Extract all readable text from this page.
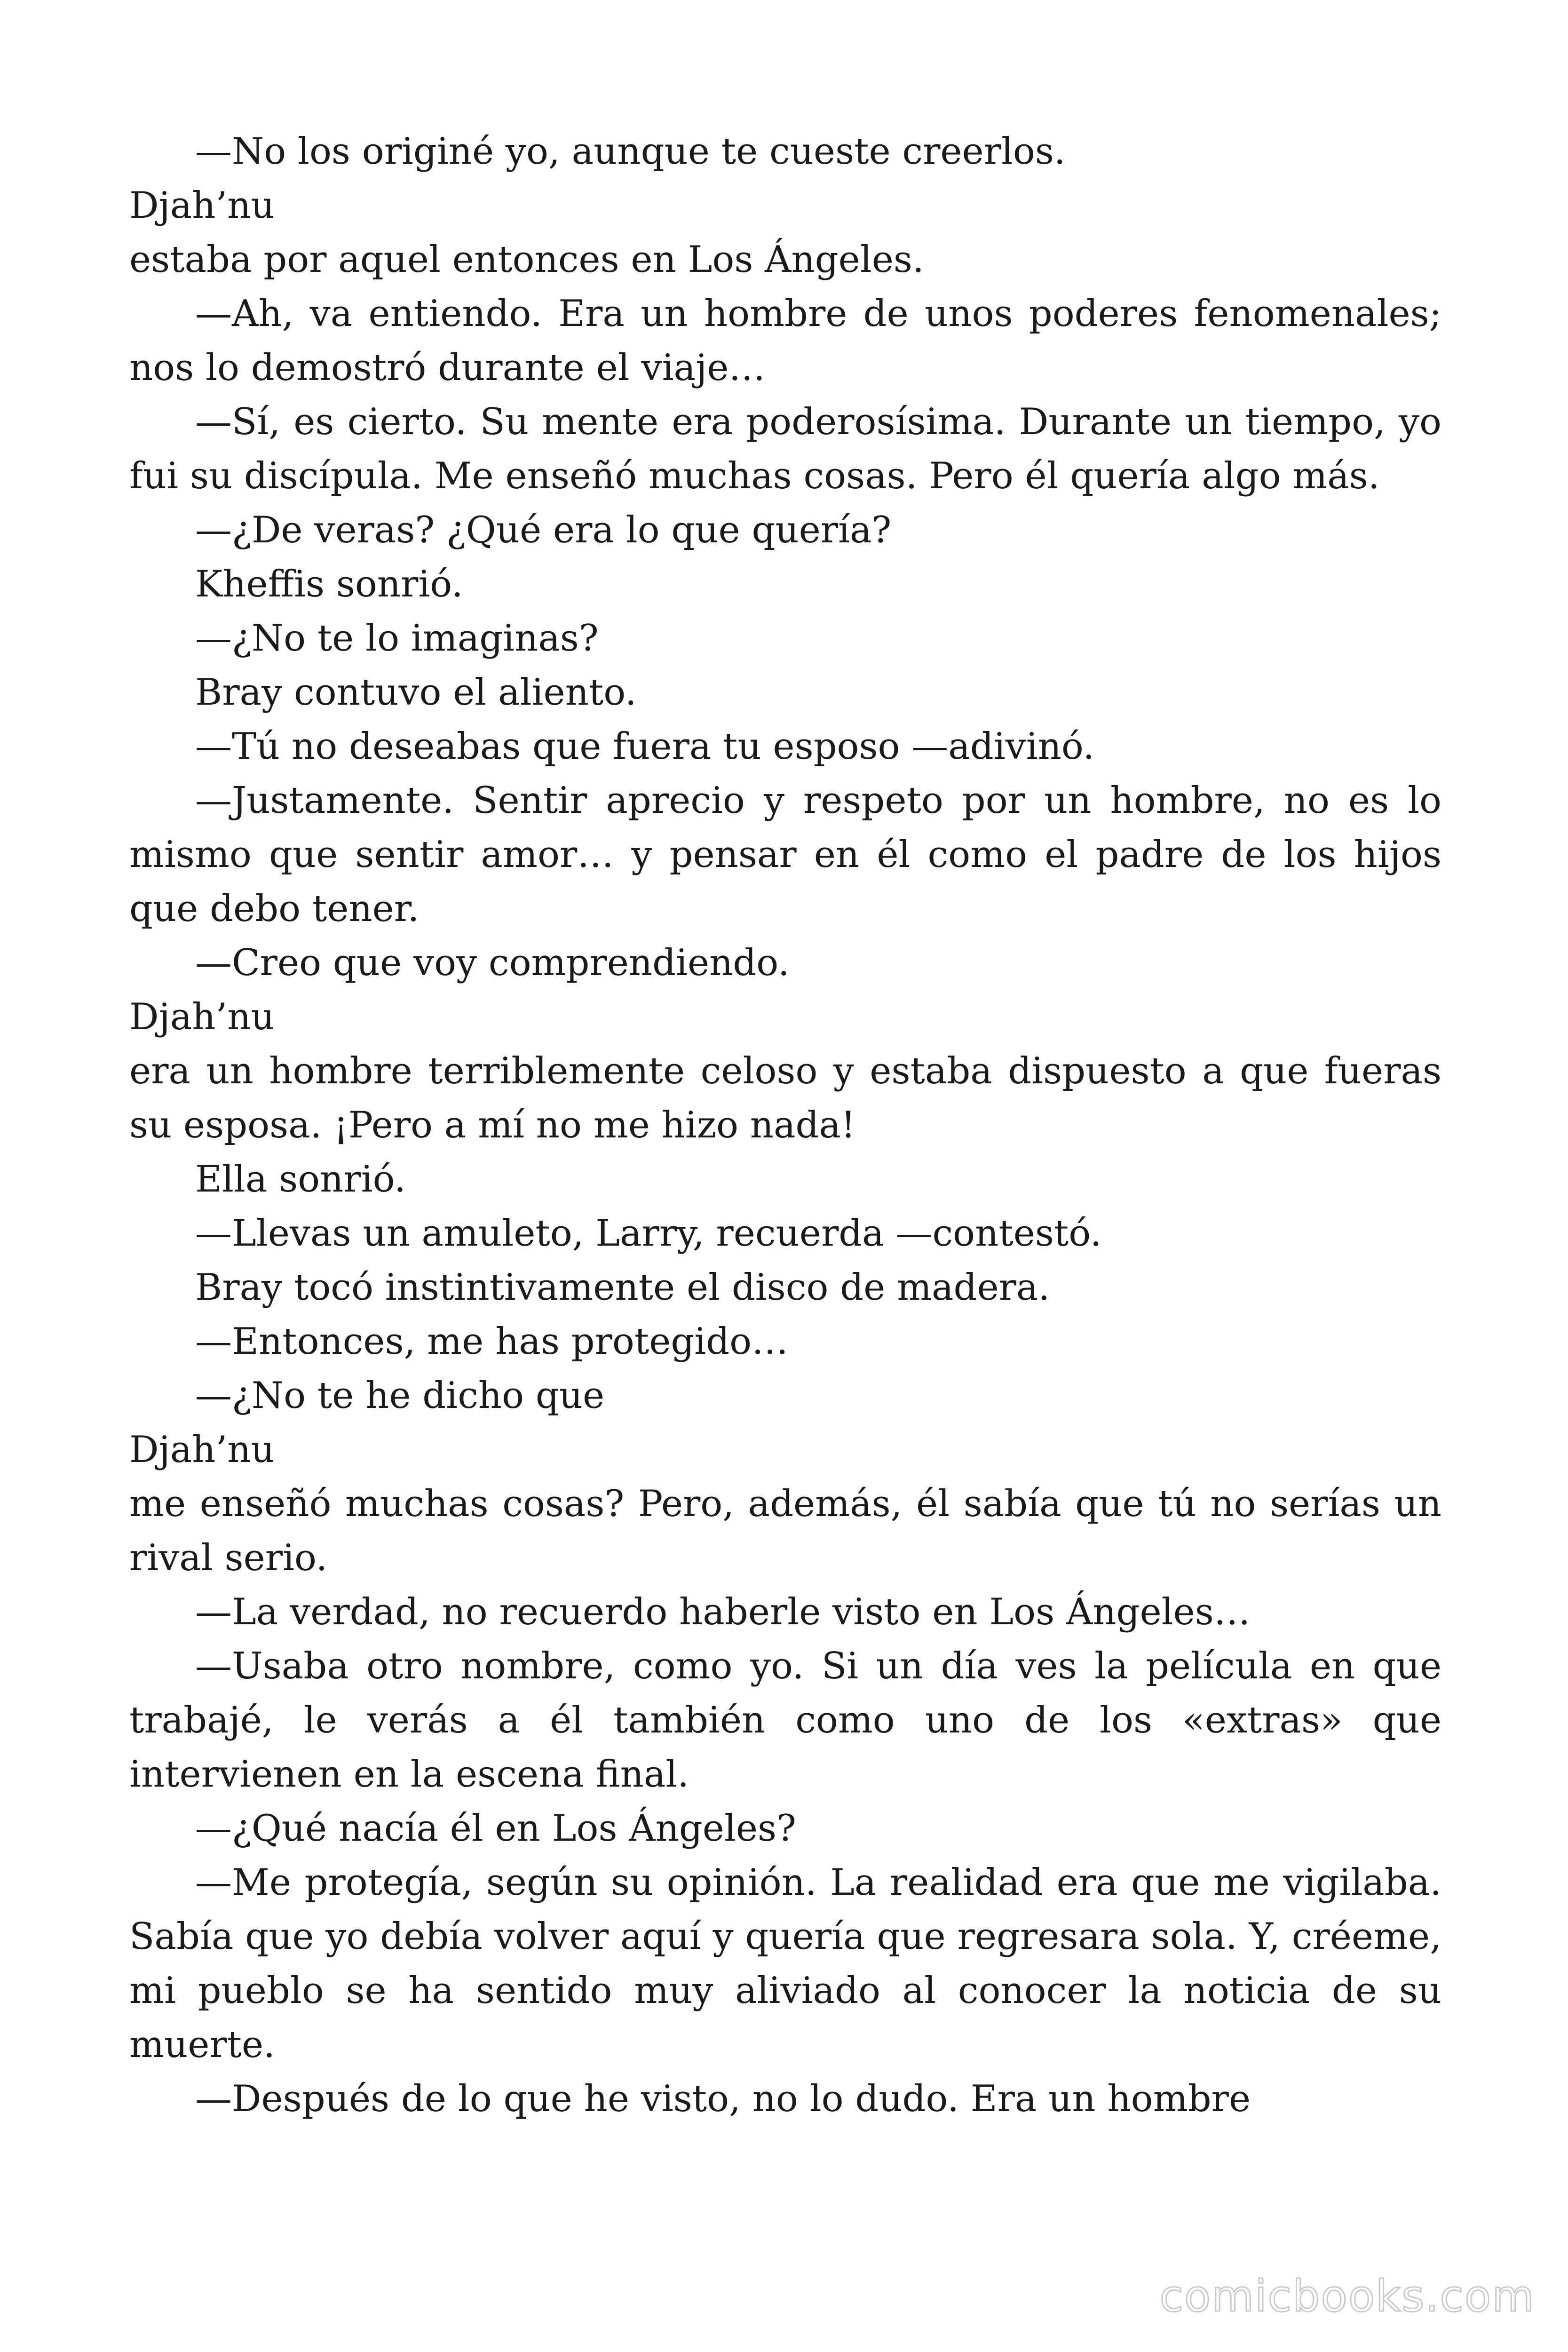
—No los originé yo, aunque te cueste creerlos.

Djah’nu

estaba por aquel entonces en Los Ángeles.

—Ah, va entiendo. Era un hombre de unos poderes fenomenales; nos lo demostró durante el viaje…

—Sí, es cierto. Su mente era poderosísima. Durante un tiempo, yo fui su discípula. Me enseñó muchas cosas. Pero él quería algo más.

—¿De veras? ¿Qué era lo que quería?

Kheffis sonrió.

—¿No te lo imaginas?

Bray contuvo el aliento.

—Tú no deseabas que fuera tu esposo —adivinó.

—Justamente. Sentir aprecio y respeto por un hombre, no es lo mismo que sentir amor… y pensar en él como el padre de los hijos que debo tener.

—Creo que voy comprendiendo.

Djah’nu

era un hombre terriblemente celoso y estaba dispuesto a que fueras su esposa. ¡Pero a mí no me hizo nada!

Ella sonrió.

—Llevas un amuleto, Larry, recuerda —contestó.

Bray tocó instintivamente el disco de madera.

—Entonces, me has protegido…

—¿No te he dicho que

Djah’nu

me enseñó muchas cosas? Pero, además, él sabía que tú no serías un rival serio.

—La verdad, no recuerdo haberle visto en Los Ángeles…

—Usaba otro nombre, como yo. Si un día ves la película en que trabajé, le verás a él también como uno de los «extras» que intervienen en la escena final.

—¿Qué nacía él en Los Ángeles?

—Me protegía, según su opinión. La realidad era que me vigilaba. Sabía que yo debía volver aquí y quería que regresara sola. Y, créeme, mi pueblo se ha sentido muy aliviado al conocer la noticia de su muerte.

—Después de lo que he visto, no lo dudo. Era un hombre

comicbooks.com
